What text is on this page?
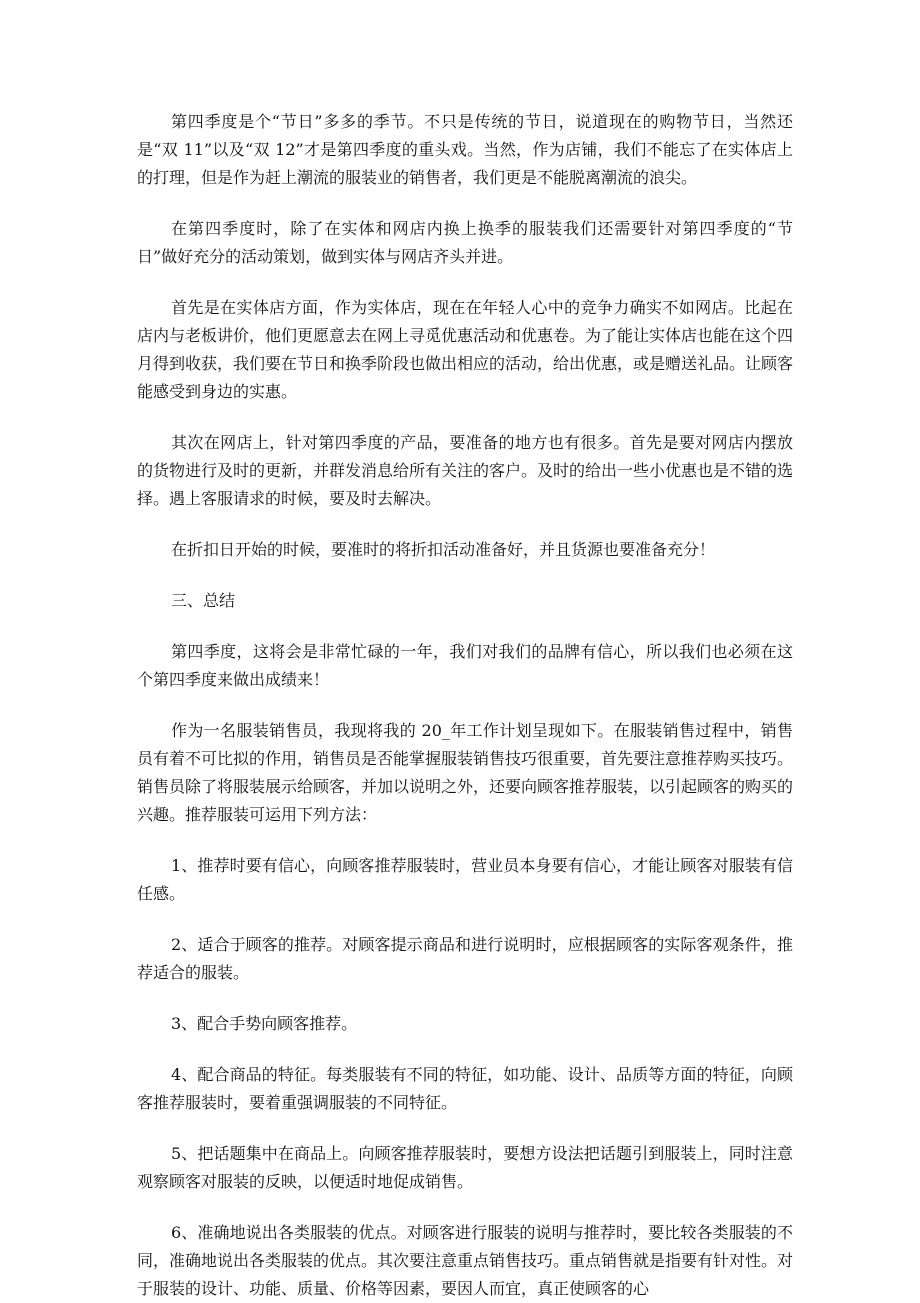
第四季度是个“节日”多多的季节。不只是传统的节日，说道现在的购物节日，当然还是“双 11”以及“双 12”才是第四季度的重头戏。当然，作为店铺，我们不能忘了在实体店上的打理，但是作为赶上潮流的服装业的销售者，我们更是不能脱离潮流的浪尖。

在第四季度时，除了在实体和网店内换上换季的服装我们还需要针对第四季度的“节日”做好充分的活动策划，做到实体与网店齐头并进。

首先是在实体店方面，作为实体店，现在在年轻人心中的竞争力确实不如网店。比起在店内与老板讲价，他们更愿意去在网上寻觅优惠活动和优惠卷。为了能让实体店也能在这个四月得到收获，我们要在节日和换季阶段也做出相应的活动，给出优惠，或是赠送礼品。让顾客能感受到身边的实惠。

其次在网店上，针对第四季度的产品，要准备的地方也有很多。首先是要对网店内摆放的货物进行及时的更新，并群发消息给所有关注的客户。及时的给出一些小优惠也是不错的选择。遇上客服请求的时候，要及时去解决。

在折扣日开始的时候，要准时的将折扣活动准备好，并且货源也要准备充分！

三、总结

第四季度，这将会是非常忙碌的一年，我们对我们的品牌有信心，所以我们也必须在这个第四季度来做出成绩来！

作为一名服装销售员，我现将我的 20_年工作计划呈现如下。在服装销售过程中，销售员有着不可比拟的作用，销售员是否能掌握服装销售技巧很重要，首先要注意推荐购买技巧。销售员除了将服装展示给顾客，并加以说明之外，还要向顾客推荐服装，以引起顾客的购买的兴趣。推荐服装可运用下列方法：

1、推荐时要有信心，向顾客推荐服装时，营业员本身要有信心，才能让顾客对服装有信任感。

2、适合于顾客的推荐。对顾客提示商品和进行说明时，应根据顾客的实际客观条件，推荐适合的服装。

3、配合手势向顾客推荐。

4、配合商品的特征。每类服装有不同的特征，如功能、设计、品质等方面的特征，向顾客推荐服装时，要着重强调服装的不同特征。

5、把话题集中在商品上。向顾客推荐服装时，要想方设法把话题引到服装上，同时注意观察顾客对服装的反映，以便适时地促成销售。

6、准确地说出各类服装的优点。对顾客进行服装的说明与推荐时，要比较各类服装的不同，准确地说出各类服装的优点。其次要注意重点销售技巧。重点销售就是指要有针对性。对于服装的设计、功能、质量、价格等因素，要因人而宜，真正使顾客的心
